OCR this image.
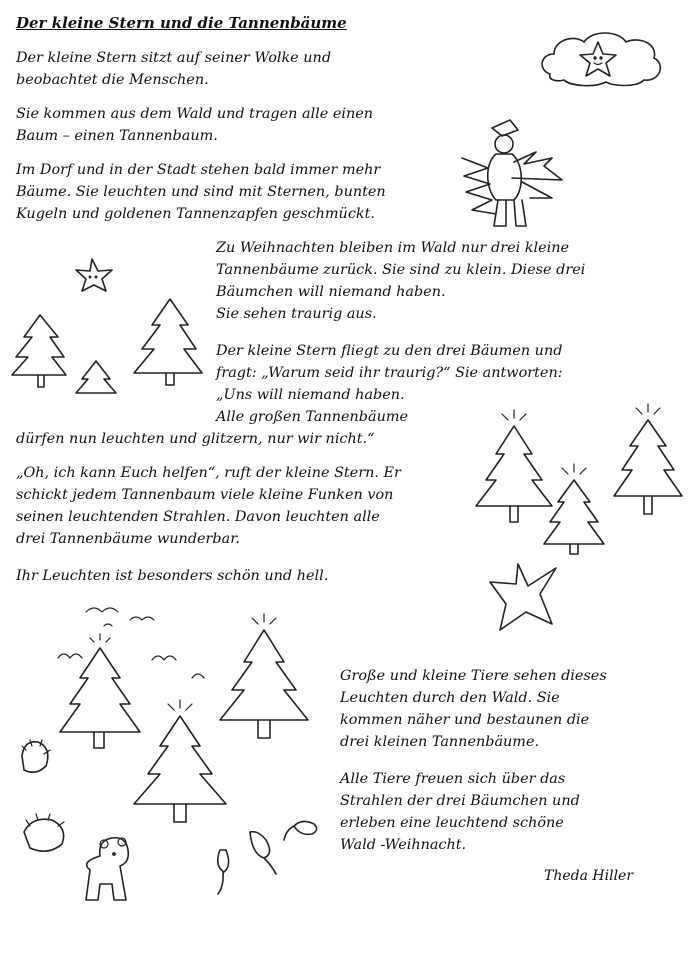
Der kleine Stern und die Tannenbäume
Der kleine Stern sitzt auf seiner Wolke und
beobachtet die Menschen.
Sie kommen aus dem Wald und tragen alle einen
Baum – einen Tannenbaum.
Im Dorf und in der Stadt stehen bald immer mehr
Bäume. Sie leuchten und sind mit Sternen, bunten
Kugeln und goldenen Tannenzapfen geschmückt.
Zu Weihnachten bleiben im Wald nur drei kleine
Tannenbäume zurück. Sie sind zu klein. Diese drei
Bäumchen will niemand haben.
Sie sehen traurig aus.
Der kleine Stern fliegt zu den drei Bäumen und
fragt: „Warum seid ihr traurig?“ Sie antworten:
„Uns will niemand haben.
Alle großen Tannenbäume
dürfen nun leuchten und glitzern, nur wir nicht.“
„Oh, ich kann Euch helfen“, ruft der kleine Stern. Er
schickt jedem Tannenbaum viele kleine Funken von
seinen leuchtenden Strahlen. Davon leuchten alle
drei Tannenbäume wunderbar.
Ihr Leuchten ist besonders schön und hell.
Große und kleine Tiere sehen dieses
Leuchten durch den Wald. Sie
kommen näher und bestaunen die
drei kleinen Tannenbäume.
Alle Tiere freuen sich über das
Strahlen der drei Bäumchen und
erleben eine leuchtend schöne
Wald -Weihnacht.
Theda Hiller
